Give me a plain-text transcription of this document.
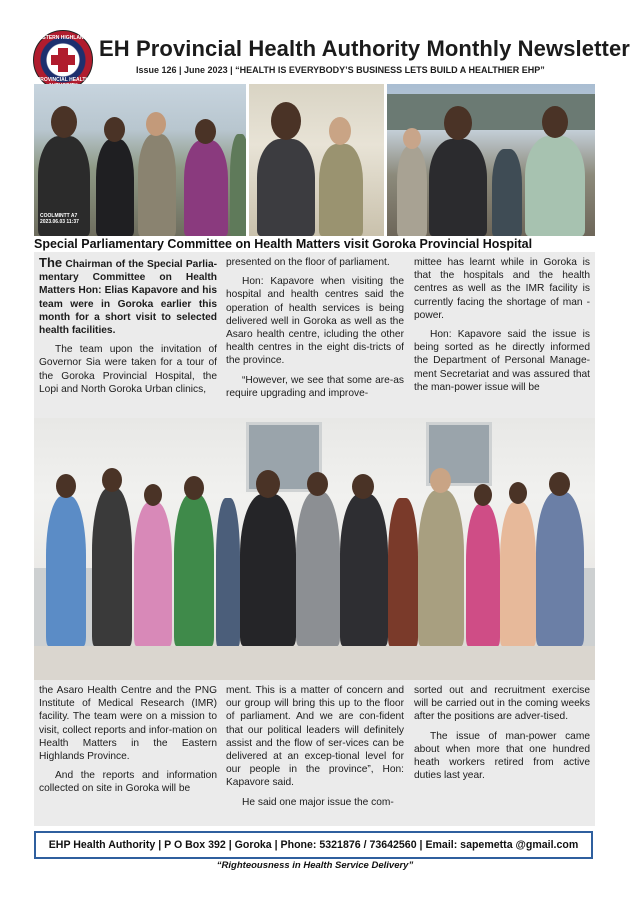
EASTERN HIGHLANDS
PROVINCIAL HEALTH
EH Provincial Health Authority Monthly Newsletter
Issue 126 | June 2023 | “HEALTH IS EVERYBODY’S BUSINESS LETS BUILD A HEALTHIER EHP”
COOLMINTT A7
2023.06.03 11:37
Special Parliamentary Committee on Health Matters visit Goroka Provincial Hospital

The Chairman of the Special Parlia-mentary Committee on Health Matters Hon: Elias Kapavore and his team were in Goroka earlier this month for a short visit to selected health facilities.

The team upon the invitation of Governor Sia were taken for a tour of the Goroka Provincial Hospital, the Lopi and North Goroka Urban clinics,

presented on the floor of parliament.

Hon: Kapavore when visiting the hospital and health centres said the operation of health services is being delivered well in Goroka as well as the Asaro health centre, icluding the other health centres in the eight dis-tricts of the province.

“However, we see that some are-as require upgrading and improve-

mittee has learnt while in Goroka is that the hospitals and the health centres as well as the IMR facility is currently facing the shortage of man - power.

Hon: Kapavore said the issue is being sorted as he directly informed the Department of Personal Manage-ment Secretariat and was assured that the man-power issue will be

the Asaro Health Centre and the PNG Institute of Medical Research (IMR) facility. The team were on a mission to visit, collect reports and infor-mation on Health Matters in the Eastern Highlands Province.

And the reports and information collected on site in Goroka will be

ment. This is a matter of concern and our group will bring this up to the floor of parliament. And we are con-fident that our political leaders will definitely assist and the flow of ser-vices can be delivered at an excep-tional level for our people in the province”, Hon: Kapavore said.

He said one major issue the com-

sorted out and recruitment exercise will be carried out in the coming weeks after the positions are adver-tised.

The issue of man-power came about when more that one hundred heath workers retired from active duties last year.

EHP Health Authority | P O Box 392 | Goroka | Phone: 5321876 / 73642560 | Email: sapemetta @gmail.com
“Righteousness in Health Service Delivery”
